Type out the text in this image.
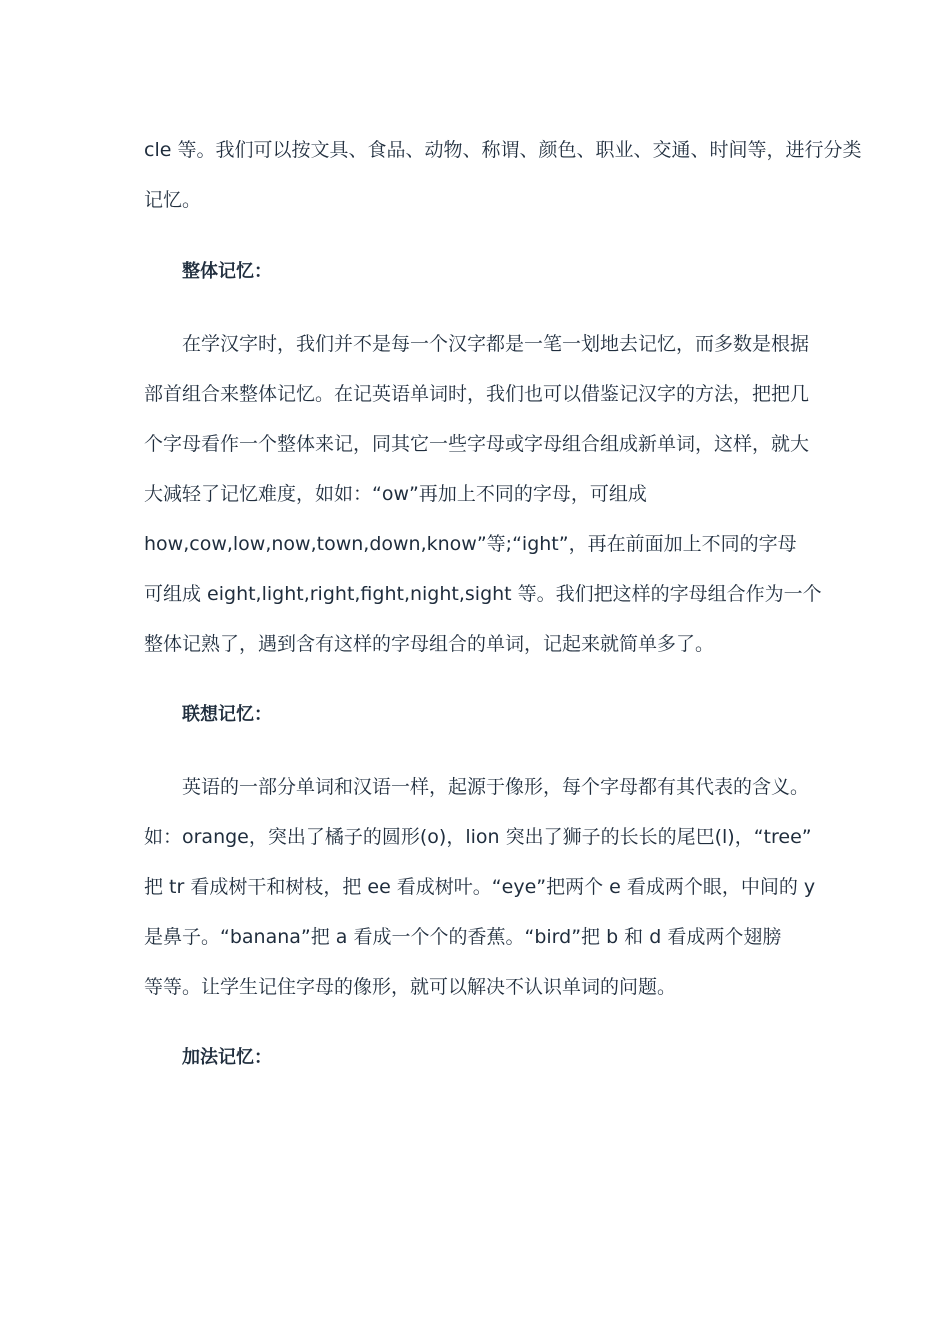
cle 等。我们可以按文具、食品、动物、称谓、颜色、职业、交通、时间等，进行分类
记忆。

整体记忆：

　　在学汉字时，我们并不是每一个汉字都是一笔一划地去记忆，而多数是根据
部首组合来整体记忆。在记英语单词时，我们也可以借鉴记汉字的方法，把把几
个字母看作一个整体来记，同其它一些字母或字母组合组成新单词，这样，就大
大减轻了记忆难度，如如：“ow”再加上不同的字母，可组成
how,cow,low,now,town,down,know”等;“ight”，再在前面加上不同的字母
可组成 eight,light,right,fight,night,sight 等。我们把这样的字母组合作为一个
整体记熟了，遇到含有这样的字母组合的单词，记起来就简单多了。

联想记忆：

　　英语的一部分单词和汉语一样，起源于像形，每个字母都有其代表的含义。
如：orange，突出了橘子的圆形(o)，lion 突出了狮子的长长的尾巴(l)，“tree”
把 tr 看成树干和树枝，把 ee 看成树叶。“eye”把两个 e 看成两个眼，中间的 y
是鼻子。“banana”把 a 看成一个个的香蕉。“bird”把 b 和 d 看成两个翅膀
等等。让学生记住字母的像形，就可以解决不认识单词的问题。

加法记忆：
